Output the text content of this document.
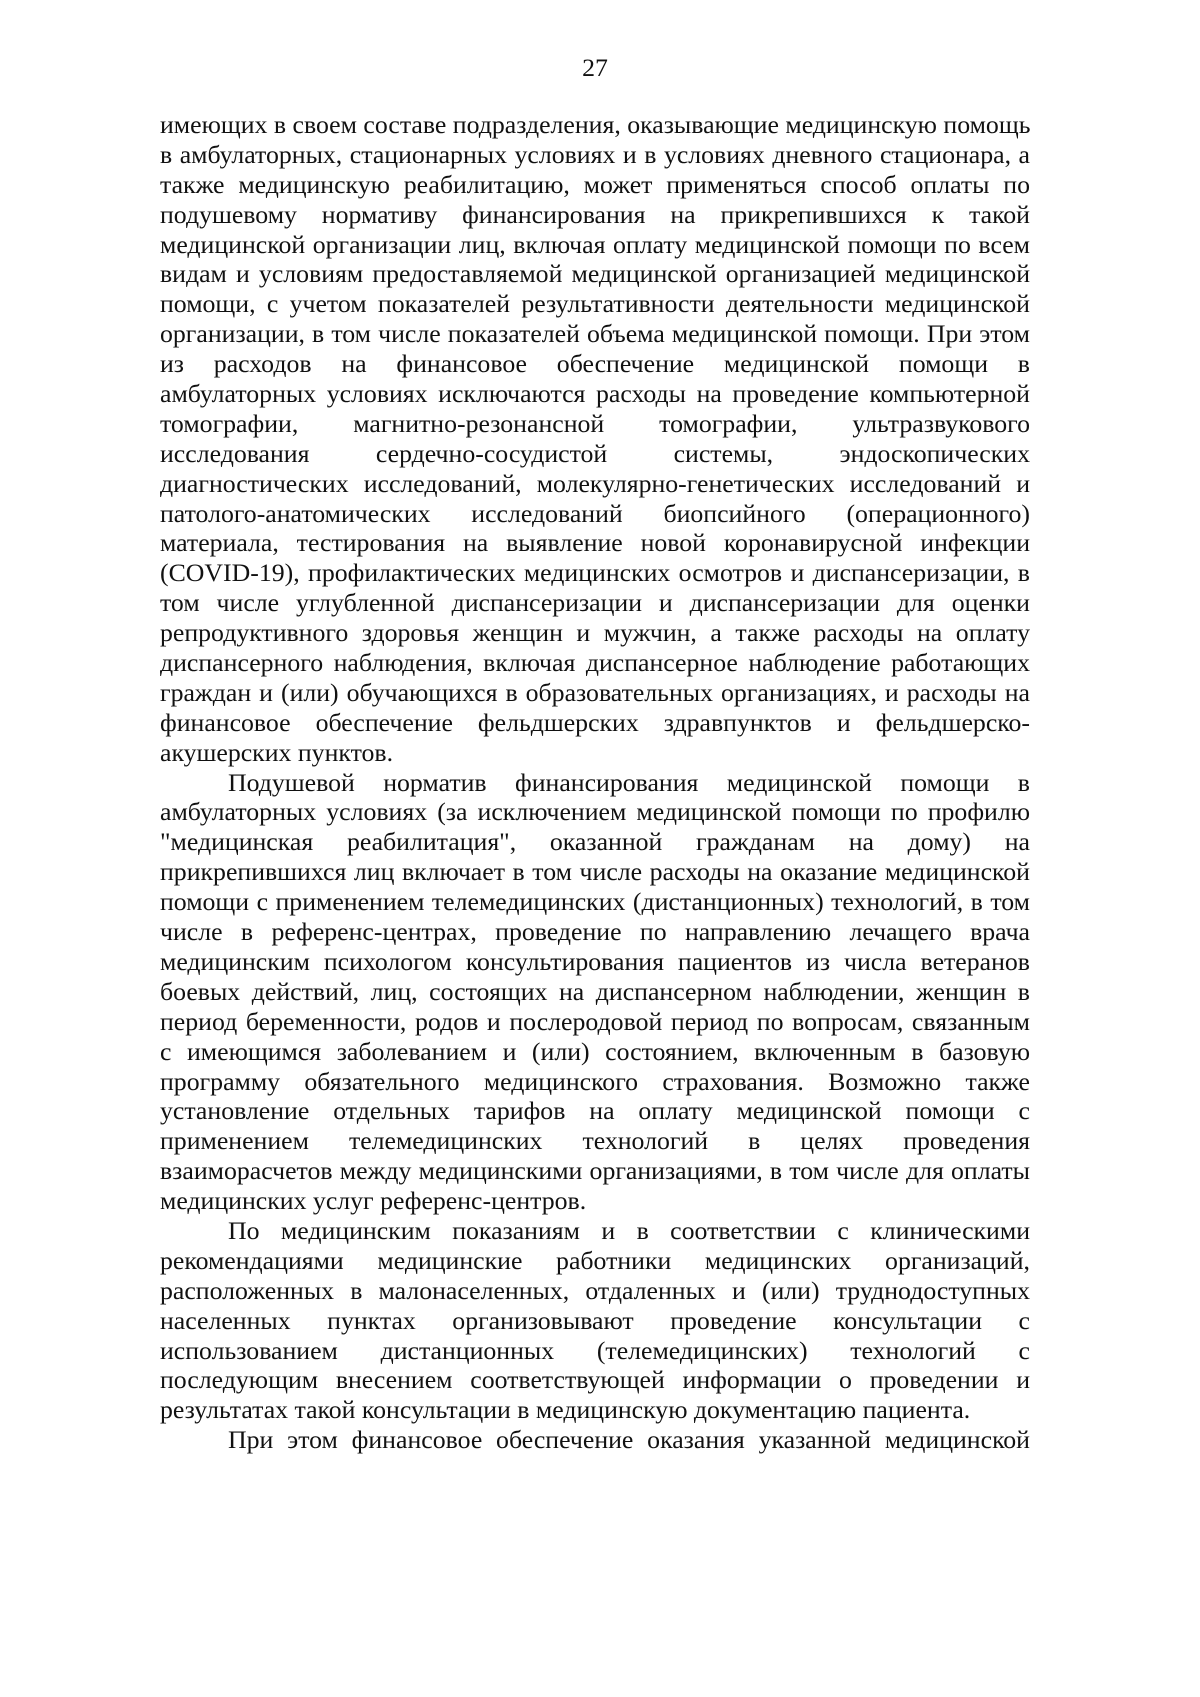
27
имеющих в своем составе подразделения, оказывающие медицинскую помощь
в амбулаторных, стационарных условиях и в условиях дневного стационара, а
также медицинскую реабилитацию, может применяться способ оплаты по
подушевому нормативу финансирования на прикрепившихся к такой
медицинской организации лиц, включая оплату медицинской помощи по всем
видам и условиям предоставляемой медицинской организацией медицинской
помощи, с учетом показателей результативности деятельности медицинской
организации, в том числе показателей объема медицинской помощи. При этом
из расходов на финансовое обеспечение медицинской помощи в
амбулаторных условиях исключаются расходы на проведение компьютерной
томографии, магнитно-резонансной томографии, ультразвукового
исследования сердечно-сосудистой системы, эндоскопических
диагностических исследований, молекулярно-генетических исследований и
патолого-анатомических исследований биопсийного (операционного)
материала, тестирования на выявление новой коронавирусной инфекции
(COVID-19), профилактических медицинских осмотров и диспансеризации, в
том числе углубленной диспансеризации и диспансеризации для оценки
репродуктивного здоровья женщин и мужчин, а также расходы на оплату
диспансерного наблюдения, включая диспансерное наблюдение работающих
граждан и (или) обучающихся в образовательных организациях, и расходы на
финансовое обеспечение фельдшерских здравпунктов и фельдшерско-
акушерских пунктов.
Подушевой норматив финансирования медицинской помощи в
амбулаторных условиях (за исключением медицинской помощи по профилю
"медицинская реабилитация", оказанной гражданам на дому) на
прикрепившихся лиц включает в том числе расходы на оказание медицинской
помощи с применением телемедицинских (дистанционных) технологий, в том
числе в референс-центрах, проведение по направлению лечащего врача
медицинским психологом консультирования пациентов из числа ветеранов
боевых действий, лиц, состоящих на диспансерном наблюдении, женщин в
период беременности, родов и послеродовой период по вопросам, связанным
с имеющимся заболеванием и (или) состоянием, включенным в базовую
программу обязательного медицинского страхования. Возможно также
установление отдельных тарифов на оплату медицинской помощи с
применением телемедицинских технологий в целях проведения
взаиморасчетов между медицинскими организациями, в том числе для оплаты
медицинских услуг референс-центров.
По медицинским показаниям и в соответствии с клиническими
рекомендациями медицинские работники медицинских организаций,
расположенных в малонаселенных, отдаленных и (или) труднодоступных
населенных пунктах организовывают проведение консультации с
использованием дистанционных (телемедицинских) технологий с
последующим внесением соответствующей информации о проведении и
результатах такой консультации в медицинскую документацию пациента.
При этом финансовое обеспечение оказания указанной медицинской
